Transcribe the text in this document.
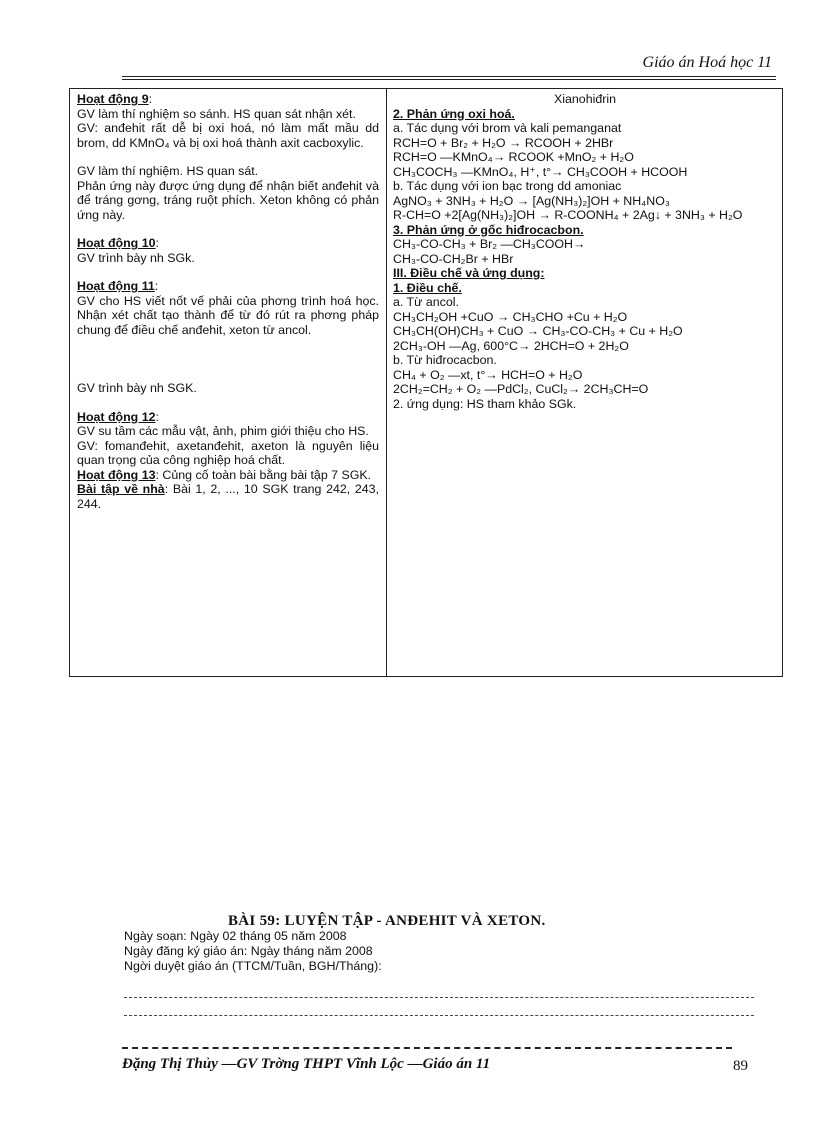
Giáo án Hoá học 11

Hoạt động 9:

GV làm thí nghiệm so sánh. HS quan sát nhận xét.

GV: anđehit rất dễ bị oxi hoá, nó làm mất mầu dd brom, dd KMnO₄ và bị oxi hoá thành axit cacboxylic.

GV làm thí nghiệm. HS quan sát.

Phản ứng này được ứng dụng để nhận biết anđehit và để tráng gơng, tráng ruột phích. Xeton không có phản ứng này.

Hoạt động 10:

GV trình bày nh SGk.

Hoạt động 11:

GV cho HS viết nốt vế phải của phơng trình hoá học. Nhận xét chất tạo thành để từ đó rút ra phơng pháp chung để điều chế anđehit, xeton từ ancol.

GV trình bày nh SGK.

Hoạt động 12:

GV su tầm các mẫu vật, ảnh, phim giới thiệu cho HS.

GV: fomanđehit, axetanđehit, axeton là nguyên liệu quan trọng của công nghiệp hoá chất.

Hoạt động 13: Củng cố toàn bài bằng bài tập 7 SGK.

Bài tập về nhà: Bài 1, 2, ..., 10 SGK trang 242, 243, 244.

Xianohiđrin

2. Phản ứng oxi hoá.

a. Tác dụng với brom và kali pemanganat

RCH=O + Br₂ + H₂O → RCOOH + 2HBr

RCH=O —KMnO₄→ RCOOK +MnO₂ + H₂O

CH₃COCH₃ —KMnO₄, H⁺, t°→ CH₃COOH + HCOOH

b. Tác dụng với ion bạc trong dd amoniac

AgNO₃ + 3NH₃ + H₂O → [Ag(NH₃)₂]OH + NH₄NO₃

R-CH=O +2[Ag(NH₃)₂]OH → R-COONH₄ + 2Ag↓ + 3NH₃ + H₂O

3. Phản ứng ở gốc hiđrocacbon.

CH₃-CO-CH₃ + Br₂ —CH₃COOH→

CH₃-CO-CH₂Br + HBr

III. Điều chế và ứng dụng:

1. Điều chế.

a. Từ ancol.

CH₃CH₂OH +CuO → CH₃CHO +Cu + H₂O

CH₃CH(OH)CH₃ + CuO → CH₃-CO-CH₃ + Cu + H₂O

2CH₃-OH —Ag, 600°C→ 2HCH=O + 2H₂O

b. Từ hiđrocacbon.

CH₄ + O₂ —xt, t°→ HCH=O + H₂O

2CH₂=CH₂ + O₂ —PdCl₂, CuCl₂→ 2CH₃CH=O

2. ứng dụng: HS tham khảo SGk.

BÀI 59: LUYỆN TẬP - ANĐEHIT VÀ XETON.
Ngày soạn: Ngày 02 tháng 05 năm 2008
Ngày đăng ký giáo án: Ngày tháng năm 2008
Ngời duyệt giáo án (TTCM/Tuần, BGH/Tháng):
Đặng Thị Thủy —GV Trờng THPT Vĩnh Lộc —Giáo án 11	89
